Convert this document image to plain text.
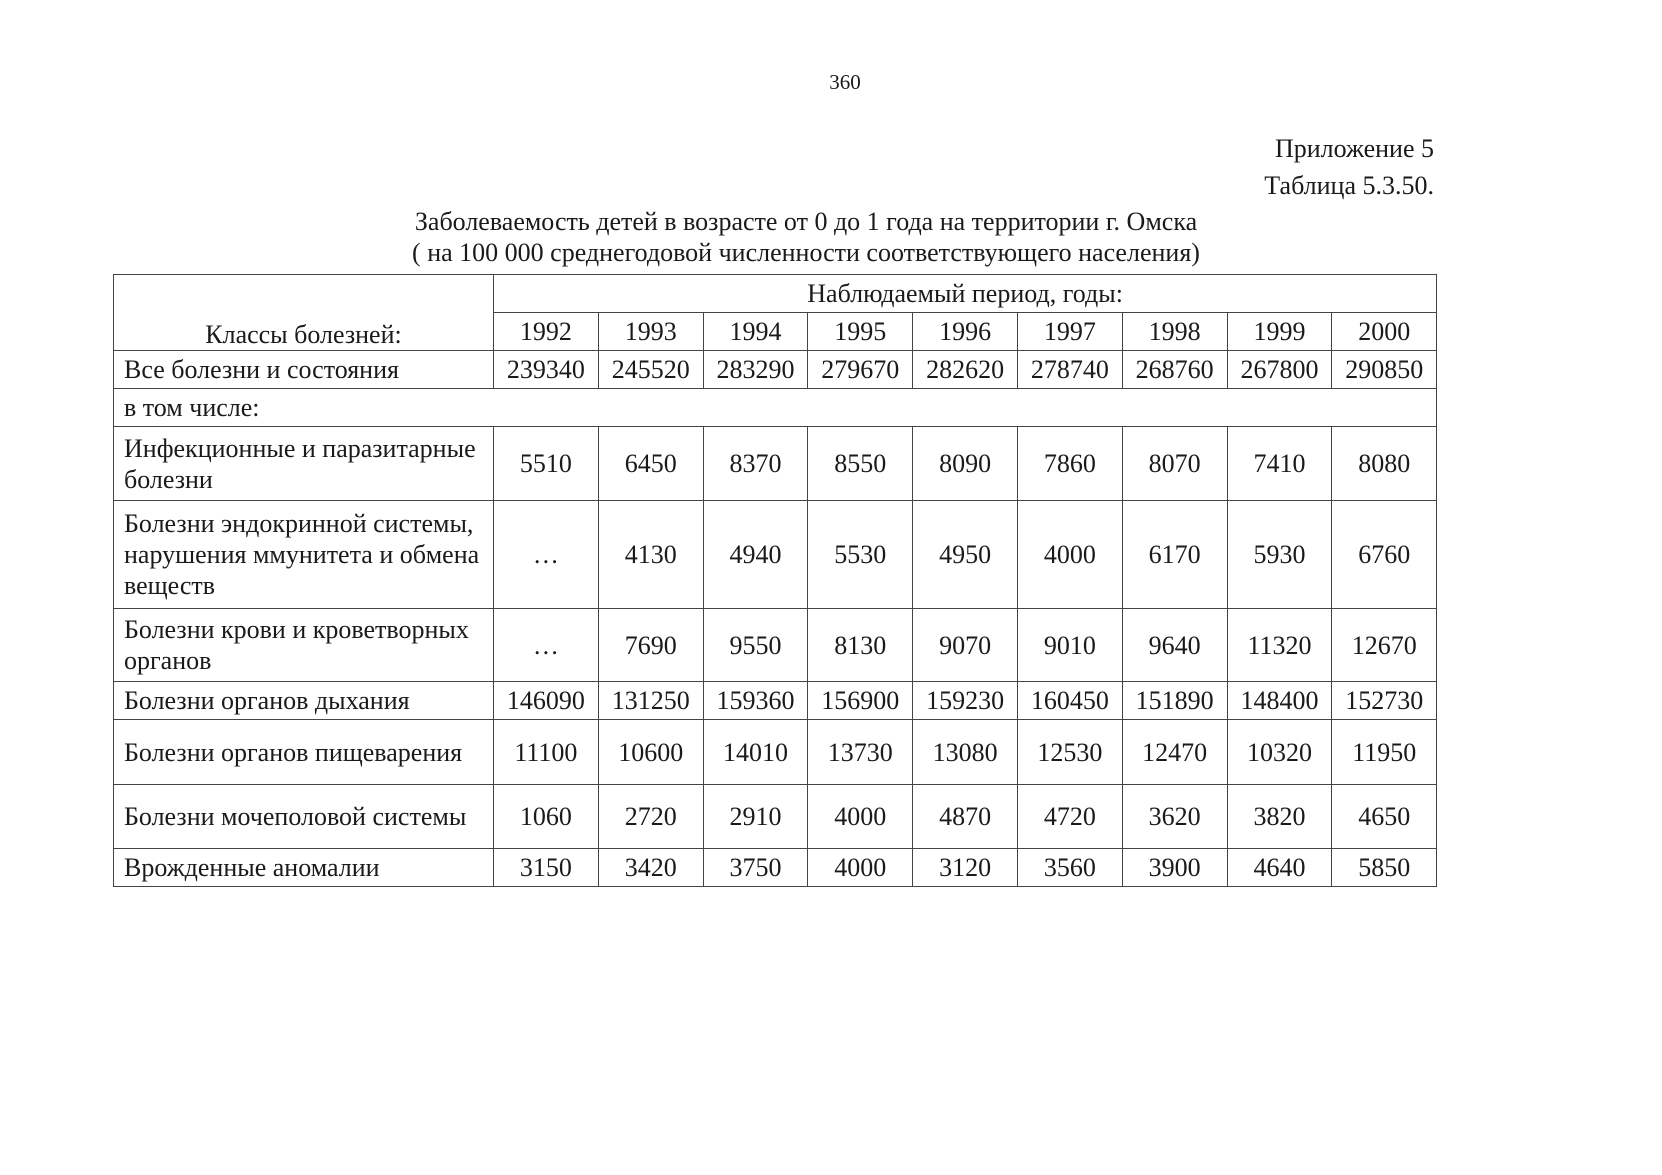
360
Приложение 5
Таблица 5.3.50.
Заболеваемость детей в возрасте от 0 до 1 года на территории г. Омска
( на 100 000 среднегодовой численности соответствующего населения)
Классы болезней:	Наблюдаемый период, годы:								
	1992	1993	1994	1995	1996	1997	1998	1999	2000
Все болезни и состояния	239340	245520	283290	279670	282620	278740	268760	267800	290850
в том числе:									
Инфекционные и паразитарные болезни	5510	6450	8370	8550	8090	7860	8070	7410	8080
Болезни эндокринной системы, нарушения ммунитета и обмена веществ	…	4130	4940	5530	4950	4000	6170	5930	6760
Болезни крови и кроветворных органов	…	7690	9550	8130	9070	9010	9640	11320	12670
Болезни органов дыхания	146090	131250	159360	156900	159230	160450	151890	148400	152730
Болезни органов пищеварения	11100	10600	14010	13730	13080	12530	12470	10320	11950
Болезни мочеполовой системы	1060	2720	2910	4000	4870	4720	3620	3820	4650
Врожденные аномалии	3150	3420	3750	4000	3120	3560	3900	4640	5850
